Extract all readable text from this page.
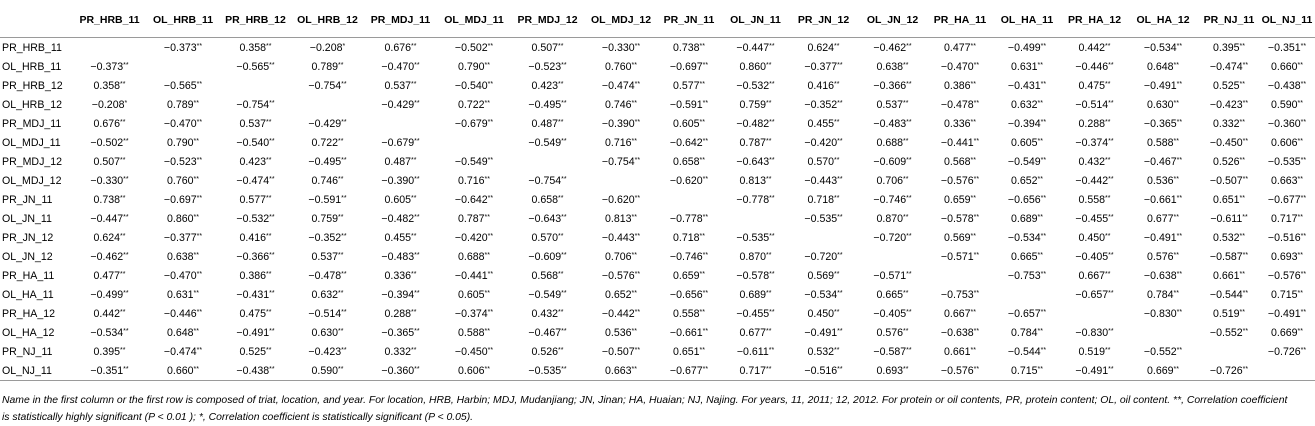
	PR_HRB_11	OL_HRB_11	PR_HRB_12	OL_HRB_12	PR_MDJ_11	OL_MDJ_11	PR_MDJ_12	OL_MDJ_12	PR_JN_11	OL_JN_11	PR_JN_12	OL_JN_12	PR_HA_11	OL_HA_11	PR_HA_12	OL_HA_12	PR_NJ_11	OL_NJ_11
PR_HRB_11		−0.373**	0.358**	−0.208*	0.676**	−0.502**	0.507**	−0.330**	0.738**	−0.447**	0.624**	−0.462**	0.477**	−0.499**	0.442**	−0.534**	0.395**	−0.351**
OL_HRB_11	−0.373**		−0.565**	0.789**	−0.470**	0.790**	−0.523**	0.760**	−0.697**	0.860**	−0.377**	0.638**	−0.470**	0.631**	−0.446**	0.648**	−0.474**	0.660**
PR_HRB_12	0.358**	−0.565**		−0.754**	0.537**	−0.540**	0.423**	−0.474**	0.577**	−0.532**	0.416**	−0.366**	0.386**	−0.431**	0.475**	−0.491**	0.525**	−0.438**
OL_HRB_12	−0.208*	0.789**	−0.754**		−0.429**	0.722**	−0.495**	0.746**	−0.591**	0.759**	−0.352**	0.537**	−0.478**	0.632**	−0.514**	0.630**	−0.423**	0.590**
PR_MDJ_11	0.676**	−0.470**	0.537**	−0.429**		−0.679**	0.487**	−0.390**	0.605**	−0.482**	0.455**	−0.483**	0.336**	−0.394**	0.288**	−0.365**	0.332**	−0.360**
OL_MDJ_11	−0.502**	0.790**	−0.540**	0.722**	−0.679**		−0.549**	0.716**	−0.642**	0.787**	−0.420**	0.688**	−0.441**	0.605**	−0.374**	0.588**	−0.450**	0.606**
PR_MDJ_12	0.507**	−0.523**	0.423**	−0.495**	0.487**	−0.549**		−0.754**	0.658**	−0.643**	0.570**	−0.609**	0.568**	−0.549**	0.432**	−0.467**	0.526**	−0.535**
OL_MDJ_12	−0.330**	0.760**	−0.474**	0.746**	−0.390**	0.716**	−0.754**		−0.620**	0.813**	−0.443**	0.706**	−0.576**	0.652**	−0.442**	0.536**	−0.507**	0.663**
PR_JN_11	0.738**	−0.697**	0.577**	−0.591**	0.605**	−0.642**	0.658**	−0.620**		−0.778**	0.718**	−0.746**	0.659**	−0.656**	0.558**	−0.661**	0.651**	−0.677**
OL_JN_11	−0.447**	0.860**	−0.532**	0.759**	−0.482**	0.787**	−0.643**	0.813**	−0.778**		−0.535**	0.870**	−0.578**	0.689**	−0.455**	0.677**	−0.611**	0.717**
PR_JN_12	0.624**	−0.377**	0.416**	−0.352**	0.455**	−0.420**	0.570**	−0.443**	0.718**	−0.535**		−0.720**	0.569**	−0.534**	0.450**	−0.491**	0.532**	−0.516**
OL_JN_12	−0.462**	0.638**	−0.366**	0.537**	−0.483**	0.688**	−0.609**	0.706**	−0.746**	0.870**	−0.720**		−0.571**	0.665**	−0.405**	0.576**	−0.587**	0.693**
PR_HA_11	0.477**	−0.470**	0.386**	−0.478**	0.336**	−0.441**	0.568**	−0.576**	0.659**	−0.578**	0.569**	−0.571**		−0.753**	0.667**	−0.638**	0.661**	−0.576**
OL_HA_11	−0.499**	0.631**	−0.431**	0.632**	−0.394**	0.605**	−0.549**	0.652**	−0.656**	0.689**	−0.534**	0.665**	−0.753**		−0.657**	0.784**	−0.544**	0.715**
PR_HA_12	0.442**	−0.446**	0.475**	−0.514**	0.288**	−0.374**	0.432**	−0.442**	0.558**	−0.455**	0.450**	−0.405**	0.667**	−0.657**		−0.830**	0.519**	−0.491**
OL_HA_12	−0.534**	0.648**	−0.491**	0.630**	−0.365**	0.588**	−0.467**	0.536**	−0.661**	0.677**	−0.491**	0.576**	−0.638**	0.784**	−0.830**		−0.552**	0.669**
PR_NJ_11	0.395**	−0.474**	0.525**	−0.423**	0.332**	−0.450**	0.526**	−0.507**	0.651**	−0.611**	0.532**	−0.587**	0.661**	−0.544**	0.519**	−0.552**		−0.726**
OL_NJ_11	−0.351**	0.660**	−0.438**	0.590**	−0.360**	0.606**	−0.535**	0.663**	−0.677**	0.717**	−0.516**	0.693**	−0.576**	0.715**	−0.491**	0.669**	−0.726**	
Name in the first column or the first row is composed of triat, location, and year. For location, HRB, Harbin; MDJ, Mudanjiang; JN, Jinan; HA, Huaian; NJ, Najing. For years, 11, 2011; 12, 2012. For protein or oil contents, PR, protein content; OL, oil content. **, Correlation coefficient is statistically highly significant (P < 0.01 ); *, Correlation coefficient is statistically significant (P < 0.05).
